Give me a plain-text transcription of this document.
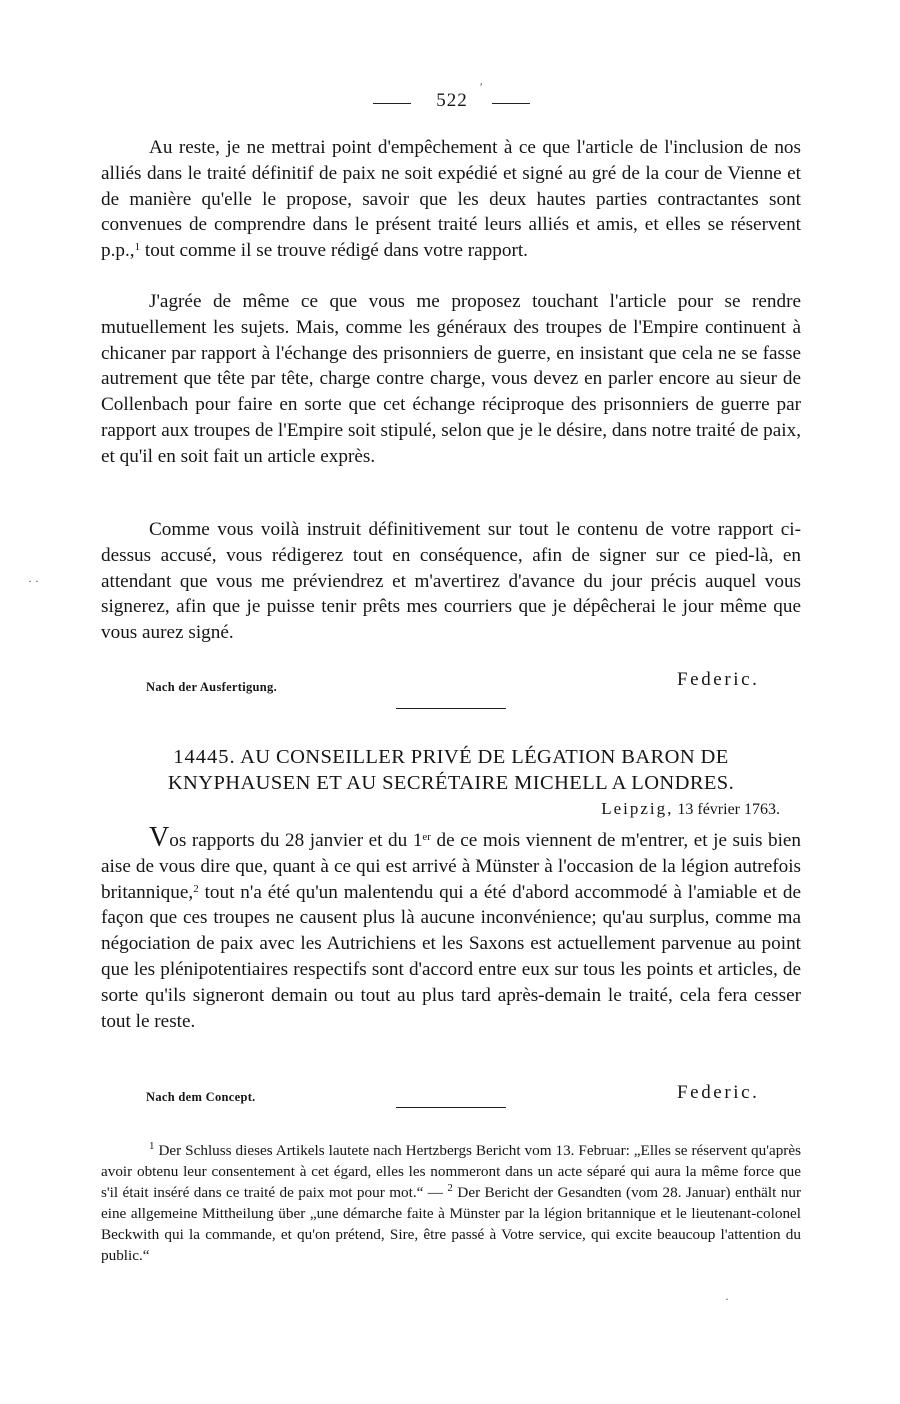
522

Au reste, je ne mettrai point d'empêchement à ce que l'article de l'inclusion de nos alliés dans le traité définitif de paix ne soit expédié et signé au gré de la cour de Vienne et de manière qu'elle le propose, savoir que les deux hautes parties contractantes sont convenues de comprendre dans le présent traité leurs alliés et amis, et elles se réservent p.p.,$^1$ tout comme il se trouve rédigé dans votre rapport.

J'agrée de même ce que vous me proposez touchant l'article pour se rendre mutuellement les sujets. Mais, comme les généraux des troupes de l'Empire continuent à chicaner par rapport à l'échange des prisonniers de guerre, en insistant que cela ne se fasse autrement que tête par tête, charge contre charge, vous devez en parler encore au sieur de Collenbach pour faire en sorte que cet échange réciproque des prisonniers de guerre par rapport aux troupes de l'Empire soit stipulé, selon que je le désire, dans notre traité de paix, et qu'il en soit fait un article exprès.

Comme vous voilà instruit définitivement sur tout le contenu de votre rapport ci-dessus accusé, vous rédigerez tout en conséquence, afin de signer sur ce pied-là, en attendant que vous me préviendrez et m'avertirez d'avance du jour précis auquel vous signerez, afin que je puisse tenir prêts mes courriers que je dépêcherai le jour même que vous aurez signé.

Nach der Ausfertigung.	Federic.

14445. AU CONSEILLER PRIVÉ DE LÉGATION BARON DE KNYPHAUSEN ET AU SECRÉTAIRE MICHELL A LONDRES.

Leipzig, 13 février 1763.

Vos rapports du 28 janvier et du 1er de ce mois viennent de m'entrer, et je suis bien aise de vous dire que, quant à ce qui est arrivé à Münster à l'occasion de la légion autrefois britannique,$^2$ tout n'a été qu'un malentendu qui a été d'abord accommodé à l'amiable et de façon que ces troupes ne causent plus là aucune inconvénience; qu'au surplus, comme ma négociation de paix avec les Autrichiens et les Saxons est actuellement parvenue au point que les plénipotentiaires respectifs sont d'accord entre eux sur tous les points et articles, de sorte qu'ils signeront demain ou tout au plus tard après-demain le traité, cela fera cesser tout le reste.

Nach dem Concept.	Federic.
$^1$ Der Schluss dieses Artikels lautete nach Hertzbergs Bericht vom 13. Februar: „Elles se réservent qu'après avoir obtenu leur consentement à cet égard, elles les nommeront dans un acte séparé qui aura la même force que s'il était inséré dans ce traité de paix mot pour mot.“ — $^2$ Der Bericht der Gesandten (vom 28. Januar) enthält nur eine allgemeine Mittheilung über „une démarche faite à Münster par la légion britannique et le lieutenant-colonel Beckwith qui la commande, et qu'on prétend, Sire, être passé à Votre service, qui excite beaucoup l'attention du public.“
· ·
ʹ
·
